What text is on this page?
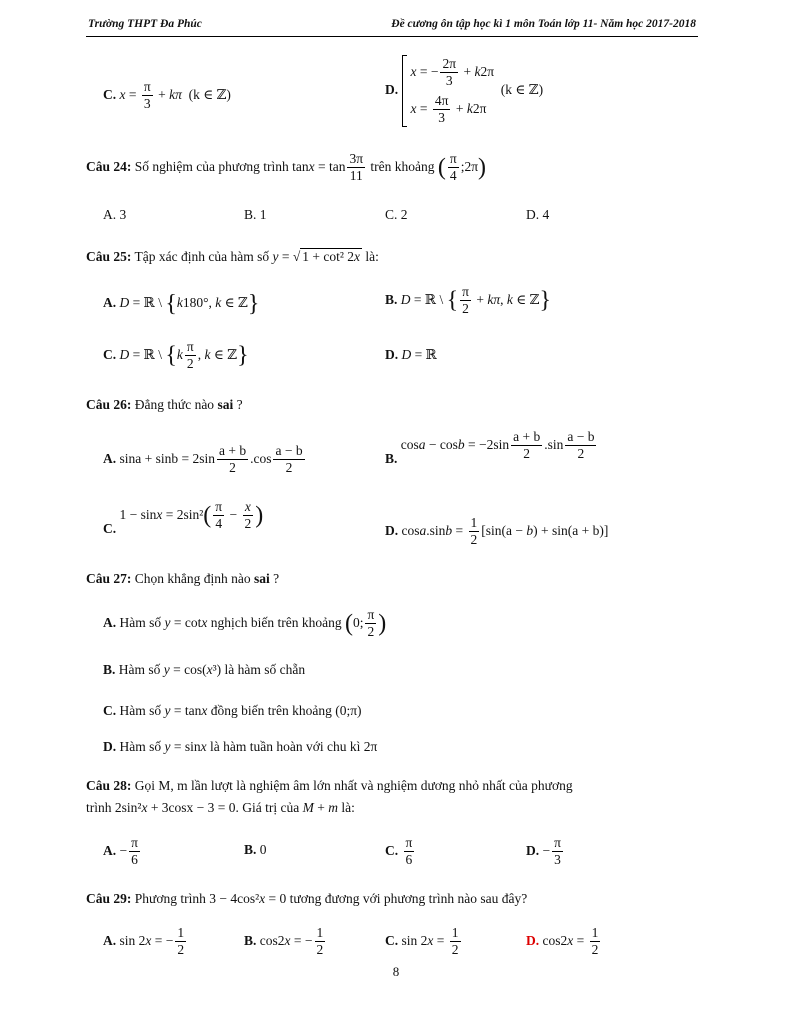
Trường THPT Đa Phúc	Đề cương ôn tập học kì 1 môn Toán lớp 11- Năm học 2017-2018
C. $x = \frac{\pi}{3} + k\pi$ (k ∈ ℤ)	D.
x = − $\frac{2\pi}{3} + k2\pi$
$x = \frac{4\pi}{3} + k2\pi$
(k ∈ ℤ)
Câu 24: Số nghiệm của phương trình $\tan x = \tan \frac{3\pi}{11}$ trên khoảng ( $\frac{\pi}{4}$ ;2π)
A. 3	B. 1	C. 2	D. 4
Câu 25: Tập xác định của hàm số y = √ 1 + cot² 2x là:
A. D = ℝ \ {k180°, k ∈ ℤ}	B. D = ℝ \ { $\frac{\pi}{2} + k\pi$, k ∈ ℤ}
C. D = ℝ \ {$k \frac{\pi}{2}$ , k ∈ ℤ}	D. D = ℝ
Câu 26: Đẳng thức nào sai ?
A. $\sin a + \sin b = 2\sin \frac{a + b}{2} .\cos \frac{a - b}{2}$	B. $\cos a - \cos b = -2\sin \frac{a + b}{2} .\sin \frac{a - b}{2}$
C. $1 - \sin x = 2\sin^2( \frac{\pi}{4} - \frac{x}{2}$ )
D. $\cos a.\sin b = \frac{1}{2} [\sin(a - b) + \sin(a + b)]$
Câu 27: Chọn khẳng định nào sai ?
A. Hàm số y = cotx nghịch biến trên khoảng (0; $\frac{\pi}{2}$ )
B. Hàm số y = cos(x³) là hàm số chẵn
C. Hàm số y = tanx đồng biến trên khoảng (0;π)
D. Hàm số y = sinx là hàm tuần hoàn với chu kì 2π
Câu 28: Gọi M, m lần lượt là nghiệm âm lớn nhất và nghiệm dương nhỏ nhất của phương
trình 2sin²x + 3cosx − 3 = 0. Giá trị của M + m là:
A. − $\frac{\pi}{6}$	B. 0	C. $\frac{\pi}{6}$	D. − $\frac{\pi}{3}$
Câu 29: Phương trình 3 − 4cos²x = 0 tương đương với phương trình nào sau đây?
A. sin 2x = − $\frac{1}{2}$	B. cos2x = − $\frac{1}{2}$	C. $\sin 2x = \frac{1}{2}$	D. $\cos 2x = \frac{1}{2}$
8
